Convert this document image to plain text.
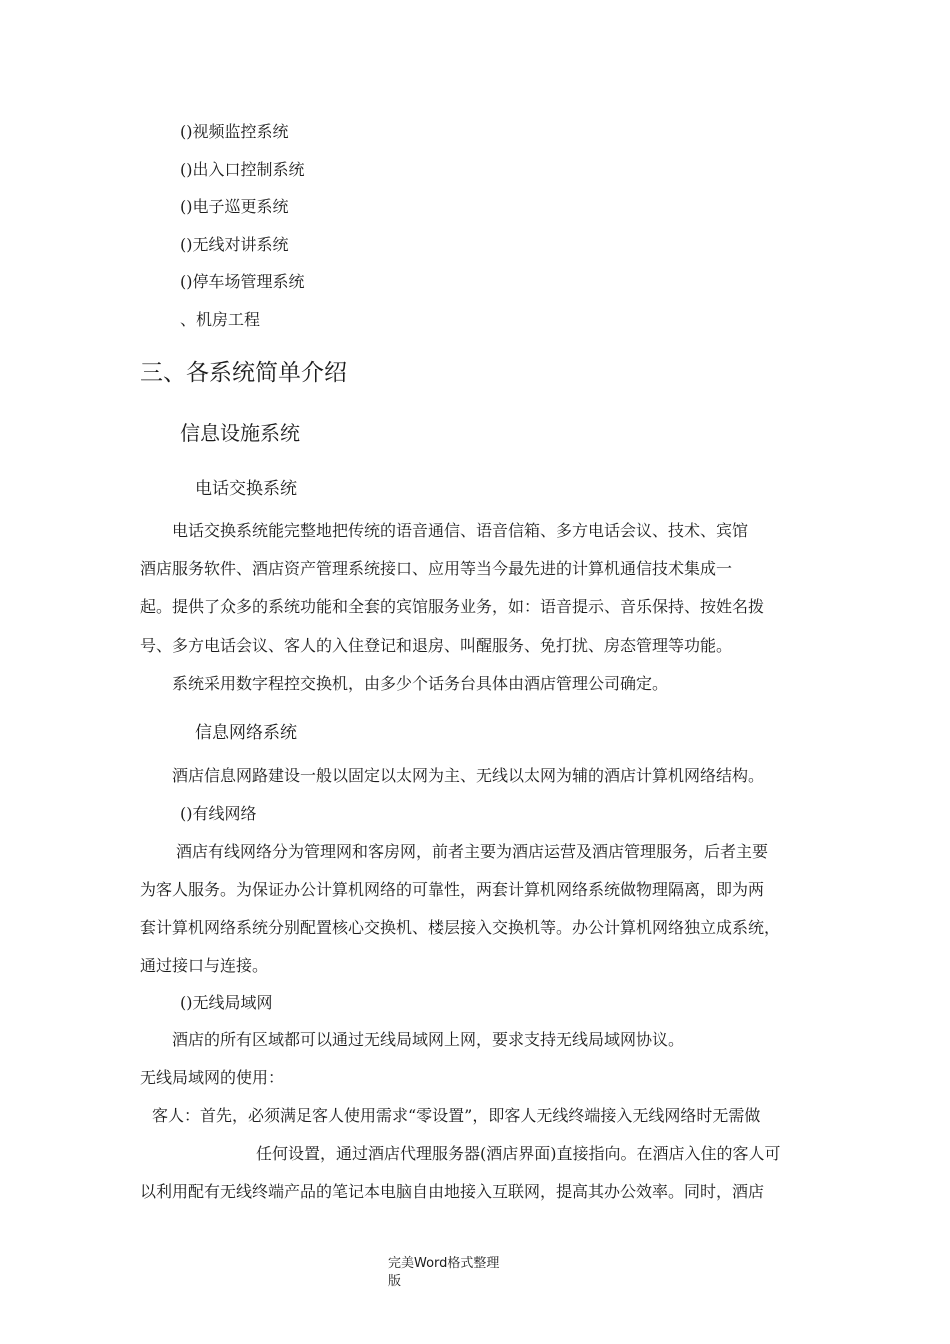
()视频监控系统
()出入口控制系统
()电子巡更系统
()无线对讲系统
()停车场管理系统
、机房工程
三、各系统简单介绍
信息设施系统
电话交换系统
电话交换系统能完整地把传统的语音通信、语音信箱、多方电话会议、技术、宾馆
酒店服务软件、酒店资产管理系统接口、应用等当今最先进的计算机通信技术集成一
起。提供了众多的系统功能和全套的宾馆服务业务，如：语音提示、音乐保持、按姓名拨
号、多方电话会议、客人的入住登记和退房、叫醒服务、免打扰、房态管理等功能。
系统采用数字程控交换机，由多少个话务台具体由酒店管理公司确定。
信息网络系统
酒店信息网路建设一般以固定以太网为主、无线以太网为辅的酒店计算机网络结构。
()有线网络
酒店有线网络分为管理网和客房网，前者主要为酒店运营及酒店管理服务，后者主要
为客人服务。为保证办公计算机网络的可靠性，两套计算机网络系统做物理隔离，即为两
套计算机网络系统分别配置核心交换机、楼层接入交换机等。办公计算机网络独立成系统，
通过接口与连接。
()无线局域网
酒店的所有区域都可以通过无线局域网上网，要求支持无线局域网协议。
无线局域网的使用：
客人：首先，必须满足客人使用需求“零设置”，即客人无线终端接入无线网络时无需做
任何设置，通过酒店代理服务器(酒店界面)直接指向。在酒店入住的客人可
以利用配有无线终端产品的笔记本电脑自由地接入互联网，提高其办公效率。同时，酒店
完美Word格式整理
版
